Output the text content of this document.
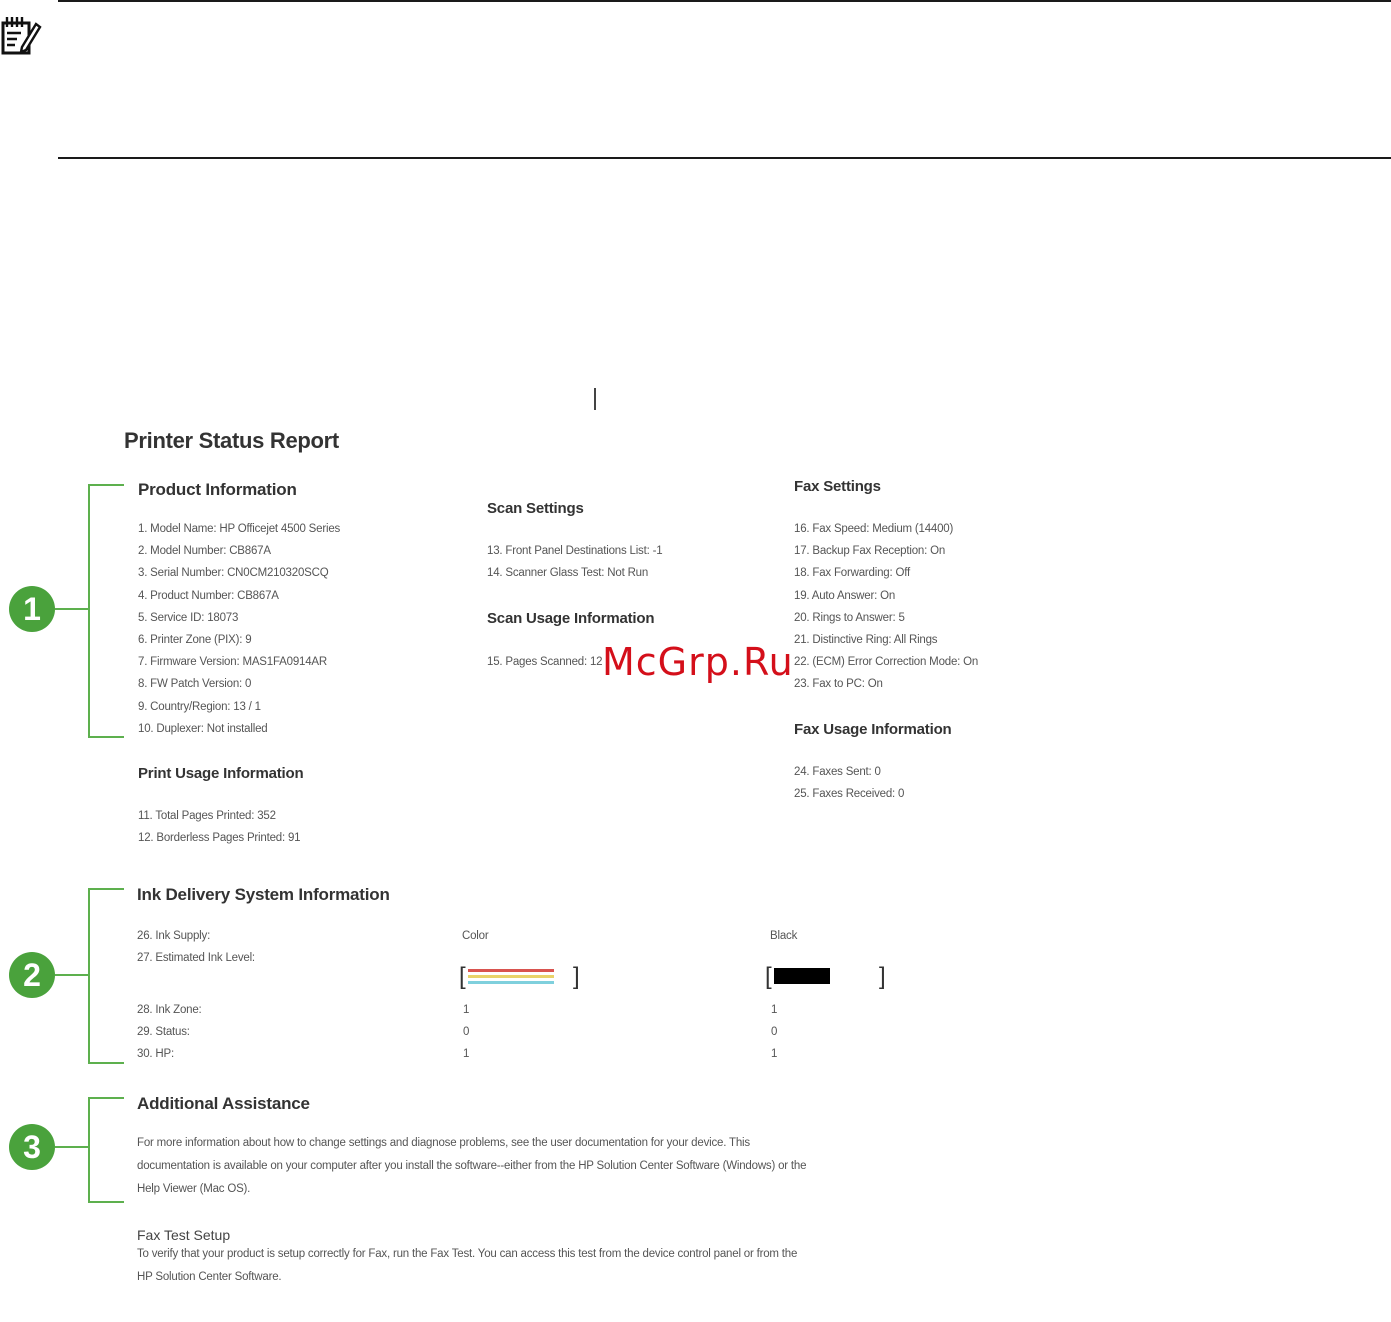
Printer Status Report
1
Product Information
1. Model Name: HP Officejet 4500 Series
2. Model Number: CB867A
3. Serial Number: CN0CM210320SCQ
4. Product Number: CB867A
5. Service ID: 18073
6. Printer Zone (PIX): 9
7. Firmware Version: MAS1FA0914AR
8. FW Patch Version: 0
9. Country/Region: 13 / 1
10. Duplexer: Not installed
Print Usage Information
11. Total Pages Printed: 352
12. Borderless Pages Printed: 91
Scan Settings
13. Front Panel Destinations List: -1
14. Scanner Glass Test: Not Run
Scan Usage Information
15. Pages Scanned: 12
Fax Settings
16. Fax Speed: Medium (14400)
17. Backup Fax Reception: On
18. Fax Forwarding: Off
19. Auto Answer: On
20. Rings to Answer: 5
21. Distinctive Ring: All Rings
22. (ECM) Error Correction Mode: On
23. Fax to PC: On
Fax Usage Information
24. Faxes Sent: 0
25. Faxes Received: 0
McGrp.Ru
2
Ink Delivery System Information
26. Ink Supply:
27. Estimated Ink Level:
28. Ink Zone:
29. Status:
30. HP:
Color
[	]
1
0
1
Black
[	]
1
0
1
3
Additional Assistance
For more information about how to change settings and diagnose problems, see the user documentation for your device. This
documentation is available on your computer after you install the software--either from the HP Solution Center Software (Windows) or the
Help Viewer (Mac OS).
Fax Test Setup
To verify that your product is setup correctly for Fax, run the Fax Test. You can access this test from the device control panel or from the
HP Solution Center Software.
